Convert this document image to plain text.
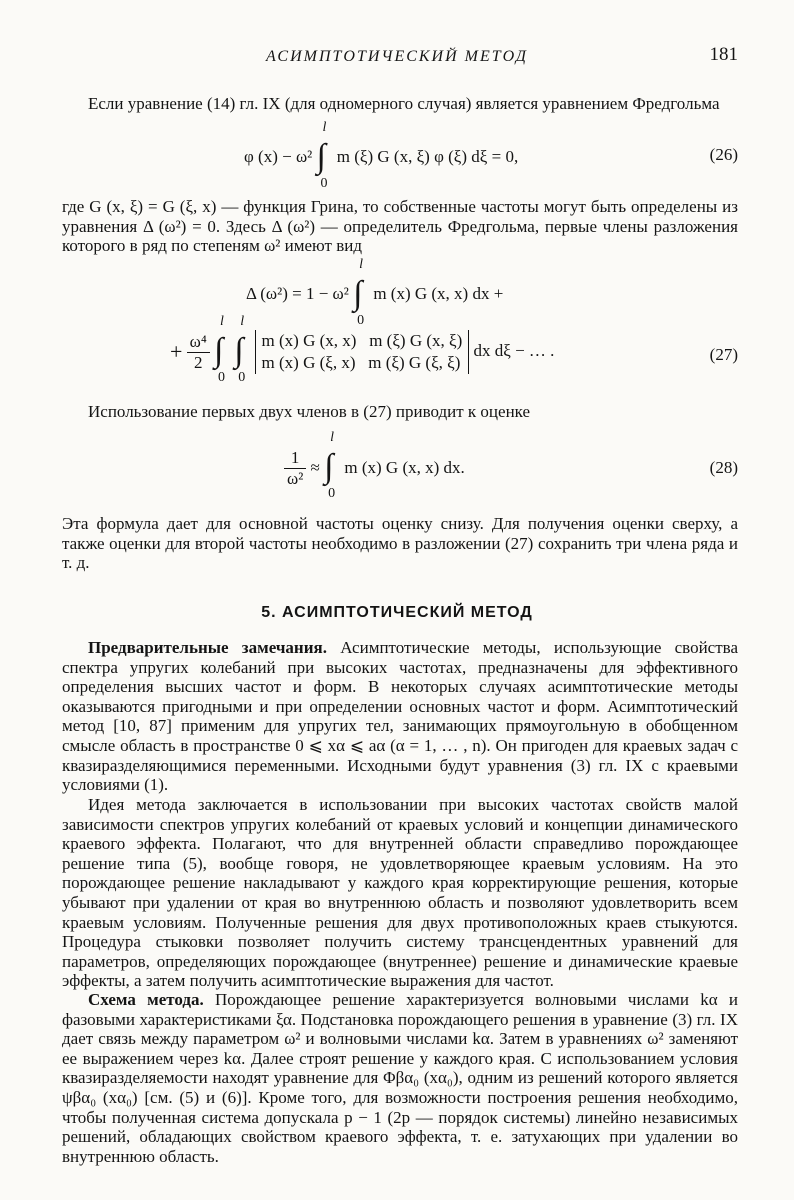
АСИМПТОТИЧЕСКИЙ МЕТОД	181

Если уравнение (14) гл. IX (для одномерного случая) является уравнением Фредгольма

φ (x) − ω² ∫
l
0
m (ξ) G (x, ξ) φ (ξ) dξ = 0,	(26)

где G (x, ξ) = G (ξ, x) — функция Грина, то собственные частоты могут быть определены из уравнения Δ (ω²) = 0. Здесь Δ (ω²) — определитель Фредгольма, первые члены разложения которого в ряд по степеням ω² имеют вид

Δ (ω²) = 1 − ω² ∫
l
0
m (x) G (x, x) dx +
+ $\frac{\text{ω⁴}}{2}$
∫
l
0

∫
l
0

m (x) G (x, x)   m (ξ) G (x, ξ)
m (x) G (ξ, x)   m (ξ) G (ξ, ξ)
dx dξ − … .	(27)

Использование первых двух членов в (27) приводит к оценке

$\frac{1}{\text{ω²}}$ ≈ ∫
l
0
m (x) G (x, x) dx.	(28)

Эта формула дает для основной частоты оценку снизу. Для получения оценки сверху, а также оценки для второй частоты необходимо в разложении (27) сохранить три члена ряда и т. д.

5. АСИМПТОТИЧЕСКИЙ МЕТОД

Предварительные замечания. Асимптотические методы, использующие свойства спектра упругих колебаний при высоких частотах, предназначены для эффективного определения высших частот и форм. В некоторых случаях асимптотические методы оказываются пригодными и при определении основных частот и форм. Асимптотический метод [10, 87] применим для упругих тел, занимающих прямоугольную в обобщенном смысле область в пространстве 0 ⩽ xα ⩽ aα (α = 1, … , n). Он пригоден для краевых задач с квазиразделяющимися переменными. Исходными будут уравнения (3) гл. IX с краевыми условиями (1).

Идея метода заключается в использовании при высоких частотах свойств малой зависимости спектров упругих колебаний от краевых условий и концепции динамического краевого эффекта. Полагают, что для внутренней области справедливо порождающее решение типа (5), вообще говоря, не удовлетворяющее краевым условиям. На это порождающее решение накладывают у каждого края корректирующие решения, которые убывают при удалении от края во внутреннюю область и позволяют удовлетворить всем краевым условиям. Полученные решения для двух противоположных краев стыкуются. Процедура стыковки позволяет получить систему трансцендентных уравнений для параметров, определяющих порождающее (внутреннее) решение и динамические краевые эффекты, а затем получить асимптотические выражения для частот.

Схема метода. Порождающее решение характеризуется волновыми числами kα и фазовыми характеристиками ξα. Подстановка порождающего решения в уравнение (3) гл. IX дает связь между параметром ω² и волновыми числами kα. Затем в уравнениях ω² заменяют ее выражением через kα. Далее строят решение у каждого края. С использованием условия квазиразделяемости находят уравнение для Φβα₀ (xα₀), одним из решений которого является ψβα₀ (xα₀) [см. (5) и (6)]. Кроме того, для возможности построения решения необходимо, чтобы полученная система допускала p − 1 (2p — порядок системы) линейно независимых решений, обладающих свойством краевого эффекта, т. е. затухающих при удалении во внутреннюю область.
